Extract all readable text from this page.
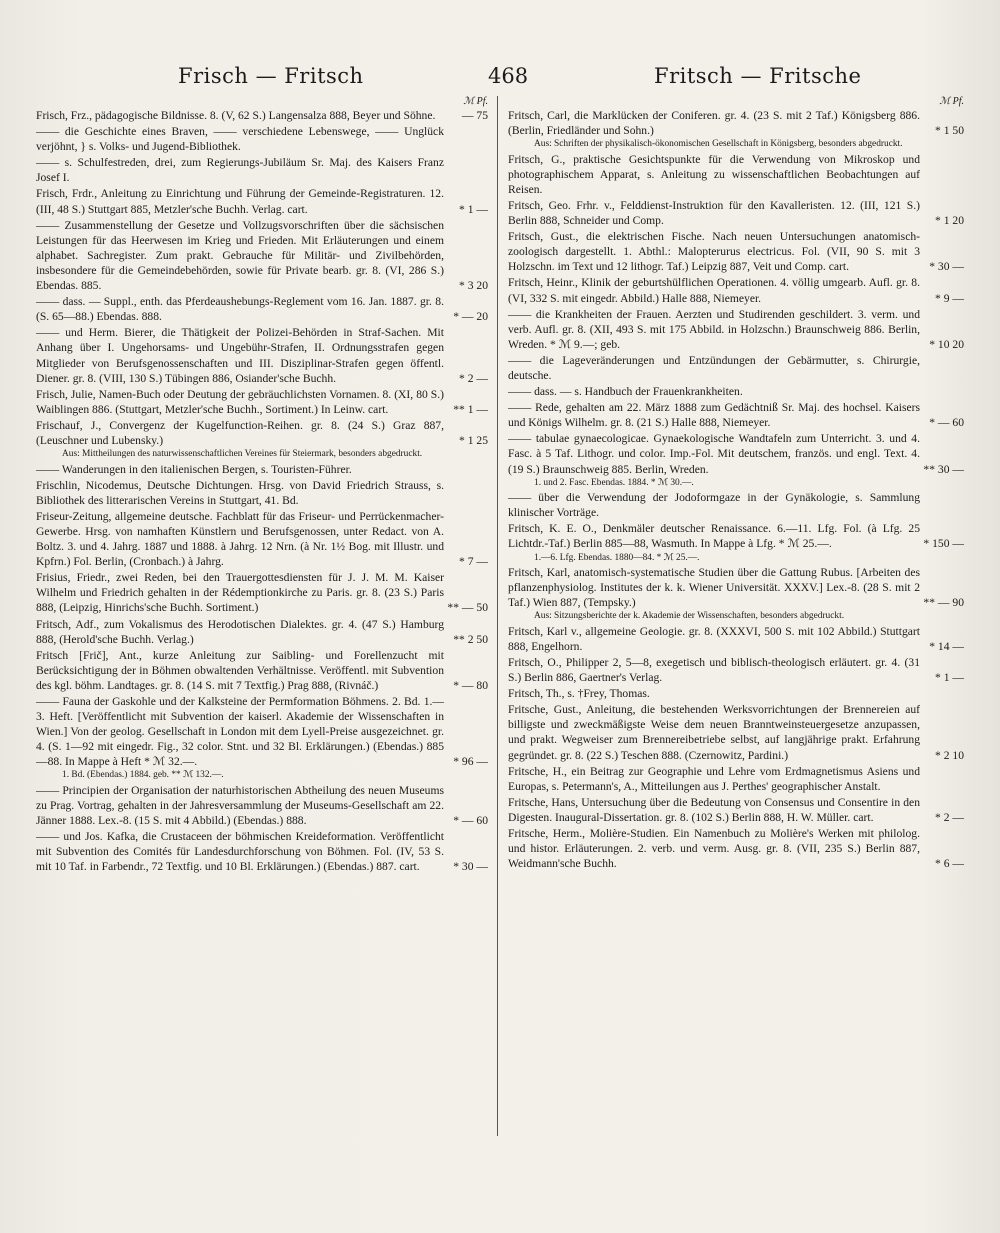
Frisch — Fritsch	468	Fritsch — Fritsche
ℳ Pf.
Frisch, Frz., pädagogische Bildnisse. 8. (V, 62 S.) Langensalza 888, Beyer und Söhne.	— 75
—— die Geschichte eines Braven, —— verschiedene Lebenswege, —— Unglück verjöhnt, } s. Volks- und Jugend-Bibliothek.
—— s. Schulfestreden, drei, zum Regierungs-Jubiläum Sr. Maj. des Kaisers Franz Josef I.
Frisch, Frdr., Anleitung zu Einrichtung und Führung der Gemeinde-Registraturen. 12. (III, 48 S.) Stuttgart 885, Metzler'sche Buchh. Verlag. cart.	* 1 —
—— Zusammenstellung der Gesetze und Vollzugsvorschriften über die sächsischen Leistungen für das Heerwesen im Krieg und Frieden. Mit Erläuterungen und einem alphabet. Sachregister. Zum prakt. Gebrauche für Militär- und Zivilbehörden, insbesondere für die Gemeindebehörden, sowie für Private bearb. gr. 8. (VI, 286 S.) Ebendas. 885.	* 3 20
—— dass. — Suppl., enth. das Pferdeaushebungs-Reglement vom 16. Jan. 1887. gr. 8. (S. 65—88.) Ebendas. 888.	* — 20
—— und Herm. Bierer, die Thätigkeit der Polizei-Behörden in Straf-Sachen. Mit Anhang über I. Ungehorsams- und Ungebühr-Strafen, II. Ordnungsstrafen gegen Mitglieder von Berufsgenossenschaften und III. Disziplinar-Strafen gegen öffentl. Diener. gr. 8. (VIII, 130 S.) Tübingen 886, Osiander'sche Buchh.	* 2 —
Frisch, Julie, Namen-Buch oder Deutung der gebräuchlichsten Vornamen. 8. (XI, 80 S.) Waiblingen 886. (Stuttgart, Metzler'sche Buchh., Sortiment.) In Leinw. cart.	** 1 —
Frischauf, J., Convergenz der Kugelfunction-Reihen. gr. 8. (24 S.) Graz 887, (Leuschner und Lubensky.)	* 1 25
Aus: Mittheilungen des naturwissenschaftlichen Vereines für Steiermark, besonders abgedruckt.
—— Wanderungen in den italienischen Bergen, s. Touristen-Führer.
Frischlin, Nicodemus, Deutsche Dichtungen. Hrsg. von David Friedrich Strauss, s. Bibliothek des litterarischen Vereins in Stuttgart, 41. Bd.
Friseur-Zeitung, allgemeine deutsche. Fachblatt für das Friseur- und Perrückenmacher-Gewerbe. Hrsg. von namhaften Künstlern und Berufsgenossen, unter Redact. von A. Boltz. 3. und 4. Jahrg. 1887 und 1888. à Jahrg. 12 Nrn. (à Nr. 1½ Bog. mit Illustr. und Kpfrn.) Fol. Berlin, (Cronbach.) à Jahrg.	* 7 —
Frisius, Friedr., zwei Reden, bei den Trauergottesdiensten für J. J. M. M. Kaiser Wilhelm und Friedrich gehalten in der Rédemptionkirche zu Paris. gr. 8. (23 S.) Paris 888, (Leipzig, Hinrichs'sche Buchh. Sortiment.)	** — 50
Fritsch, Adf., zum Vokalismus des Herodotischen Dialektes. gr. 4. (47 S.) Hamburg 888, (Herold'sche Buchh. Verlag.)	** 2 50
Fritsch [Frič], Ant., kurze Anleitung zur Saibling- und Forellenzucht mit Berücksichtigung der in Böhmen obwaltenden Verhältnisse. Veröffentl. mit Subvention des kgl. böhm. Landtages. gr. 8. (14 S. mit 7 Textfig.) Prag 888, (Rivnáč.)	* — 80
—— Fauna der Gaskohle und der Kalksteine der Permformation Böhmens. 2. Bd. 1.—3. Heft. [Veröffentlicht mit Subvention der kaiserl. Akademie der Wissenschaften in Wien.] Von der geolog. Gesellschaft in London mit dem Lyell-Preise ausgezeichnet. gr. 4. (S. 1—92 mit eingedr. Fig., 32 color. Stnt. und 32 Bl. Erklärungen.) (Ebendas.) 885—88. In Mappe à Heft * ℳ 32.—.	* 96 —
1. Bd. (Ebendas.) 1884. geb. ** ℳ 132.—.
—— Principien der Organisation der naturhistorischen Abtheilung des neuen Museums zu Prag. Vortrag, gehalten in der Jahresversammlung der Museums-Gesellschaft am 22. Jänner 1888. Lex.-8. (15 S. mit 4 Abbild.) (Ebendas.) 888.	* — 60
—— und Jos. Kafka, die Crustaceen der böhmischen Kreideformation. Veröffentlicht mit Subvention des Comités für Landesdurchforschung von Böhmen. Fol. (IV, 53 S. mit 10 Taf. in Farbendr., 72 Textfig. und 10 Bl. Erklärungen.) (Ebendas.) 887. cart.	* 30 —
ℳ Pf.
Fritsch, Carl, die Marklücken der Coniferen. gr. 4. (23 S. mit 2 Taf.) Königsberg 886. (Berlin, Friedländer und Sohn.)	* 1 50
Aus: Schriften der physikalisch-ökonomischen Gesellschaft in Königsberg, besonders abgedruckt.
Fritsch, G., praktische Gesichtspunkte für die Verwendung von Mikroskop und photographischem Apparat, s. Anleitung zu wissenschaftlichen Beobachtungen auf Reisen.
Fritsch, Geo. Frhr. v., Felddienst-Instruktion für den Kavalleristen. 12. (III, 121 S.) Berlin 888, Schneider und Comp.	* 1 20
Fritsch, Gust., die elektrischen Fische. Nach neuen Untersuchungen anatomisch-zoologisch dargestellt. 1. Abthl.: Malopterurus electricus. Fol. (VII, 90 S. mit 3 Holzschn. im Text und 12 lithogr. Taf.) Leipzig 887, Veit und Comp. cart.	* 30 —
Fritsch, Heinr., Klinik der geburtshülflichen Operationen. 4. völlig umgearb. Aufl. gr. 8. (VI, 332 S. mit eingedr. Abbild.) Halle 888, Niemeyer.	* 9 —
—— die Krankheiten der Frauen. Aerzten und Studirenden geschildert. 3. verm. und verb. Aufl. gr. 8. (XII, 493 S. mit 175 Abbild. in Holzschn.) Braunschweig 886. Berlin, Wreden. * ℳ 9.—; geb.	* 10 20
—— die Lageveränderungen und Entzündungen der Gebärmutter, s. Chirurgie, deutsche.
—— dass. — s. Handbuch der Frauenkrankheiten.
—— Rede, gehalten am 22. März 1888 zum Gedächtniß Sr. Maj. des hochsel. Kaisers und Königs Wilhelm. gr. 8. (21 S.) Halle 888, Niemeyer.	* — 60
—— tabulae gynaecologicae. Gynaekologische Wandtafeln zum Unterricht. 3. und 4. Fasc. à 5 Taf. Lithogr. und color. Imp.-Fol. Mit deutschem, französ. und engl. Text. 4. (19 S.) Braunschweig 885. Berlin, Wreden.	** 30 —
1. und 2. Fasc. Ebendas. 1884. * ℳ 30.—.
—— über die Verwendung der Jodoformgaze in der Gynäkologie, s. Sammlung klinischer Vorträge.
Fritsch, K. E. O., Denkmäler deutscher Renaissance. 6.—11. Lfg. Fol. (à Lfg. 25 Lichtdr.-Taf.) Berlin 885—88, Wasmuth. In Mappe à Lfg. * ℳ 25.—.	* 150 —
1.—6. Lfg. Ebendas. 1880—84. * ℳ 25.—.
Fritsch, Karl, anatomisch-systematische Studien über die Gattung Rubus. [Arbeiten des pflanzenphysiolog. Institutes der k. k. Wiener Universität. XXXV.] Lex.-8. (28 S. mit 2 Taf.) Wien 887, (Tempsky.)	** — 90
Aus: Sitzungsberichte der k. Akademie der Wissenschaften, besonders abgedruckt.
Fritsch, Karl v., allgemeine Geologie. gr. 8. (XXXVI, 500 S. mit 102 Abbild.) Stuttgart 888, Engelhorn.	* 14 —
Fritsch, O., Philipper 2, 5—8, exegetisch und biblisch-theologisch erläutert. gr. 4. (31 S.) Berlin 886, Gaertner's Verlag.	* 1 —
Fritsch, Th., s. †Frey, Thomas.
Fritsche, Gust., Anleitung, die bestehenden Werksvorrichtungen der Brennereien auf billigste und zweckmäßigste Weise dem neuen Branntweinsteuergesetze anzupassen, und prakt. Wegweiser zum Brennereibetriebe selbst, auf langjährige prakt. Erfahrung gegründet. gr. 8. (22 S.) Teschen 888. (Czernowitz, Pardini.)	* 2 10
Fritsche, H., ein Beitrag zur Geographie und Lehre vom Erdmagnetismus Asiens und Europas, s. Petermann's, A., Mitteilungen aus J. Perthes' geographischer Anstalt.
Fritsche, Hans, Untersuchung über die Bedeutung von Consensus und Consentire in den Digesten. Inaugural-Dissertation. gr. 8. (102 S.) Berlin 888, H. W. Müller. cart.	* 2 —
Fritsche, Herm., Molière-Studien. Ein Namenbuch zu Molière's Werken mit philolog. und histor. Erläuterungen. 2. verb. und verm. Ausg. gr. 8. (VII, 235 S.) Berlin 887, Weidmann'sche Buchh.	* 6 —
